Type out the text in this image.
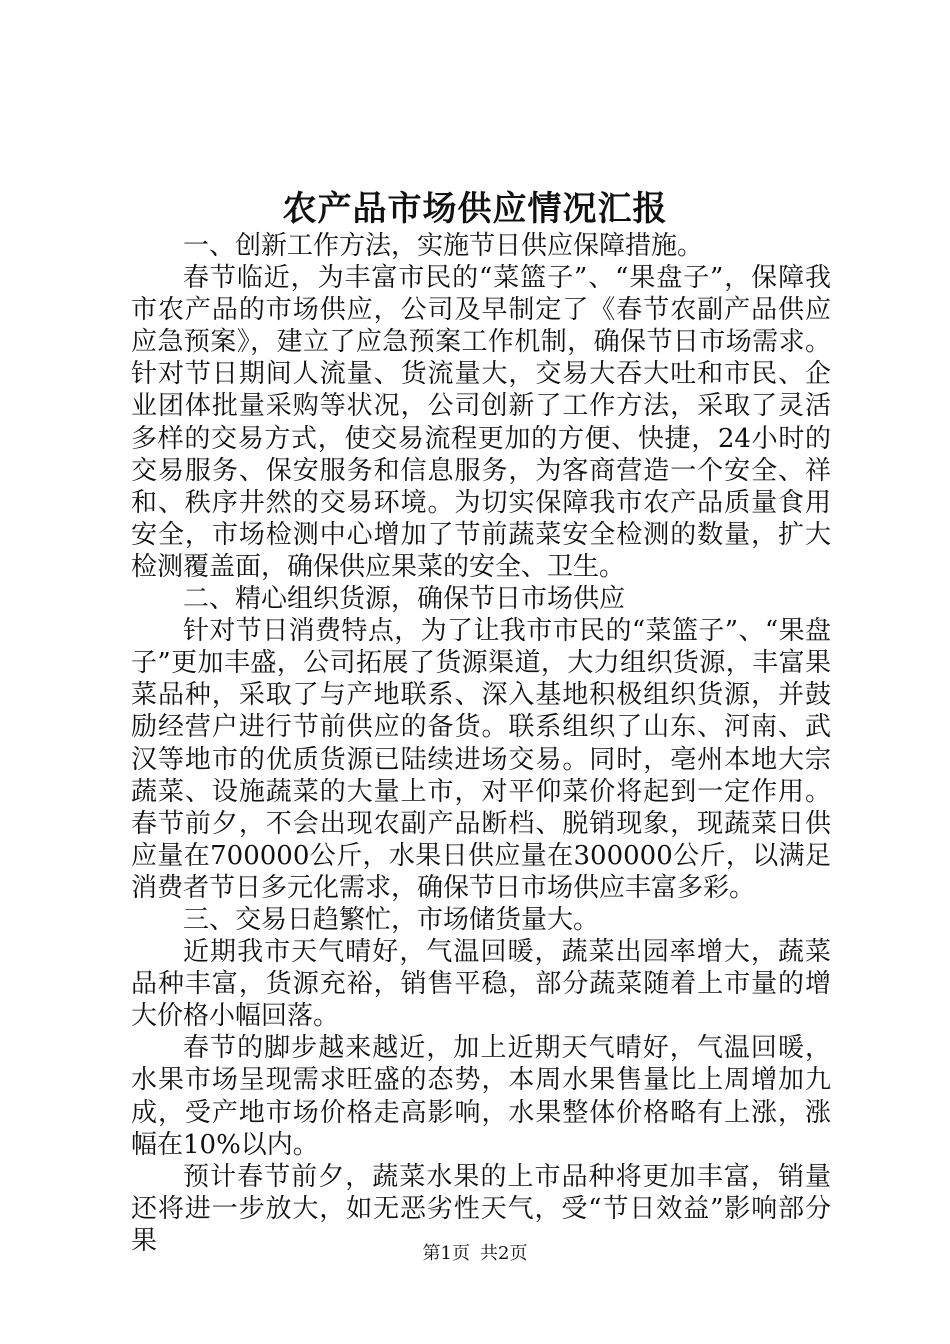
农产品市场供应情况汇报

一、创新工作方法，实施节日供应保障措施。

春节临近，为丰富市民的“菜篮子”、“果盘子”，保障我市农产品的市场供应，公司及早制定了《春节农副产品供应应急预案》，建立了应急预案工作机制，确保节日市场需求。针对节日期间人流量、货流量大，交易大吞大吐和市民、企业团体批量采购等状况，公司创新了工作方法，采取了灵活多样的交易方式，使交易流程更加的方便、快捷，24小时的交易服务、保安服务和信息服务，为客商营造一个安全、祥和、秩序井然的交易环境。为切实保障我市农产品质量食用安全，市场检测中心增加了节前蔬菜安全检测的数量，扩大检测覆盖面，确保供应果菜的安全、卫生。

二、精心组织货源，确保节日市场供应

针对节日消费特点，为了让我市市民的“菜篮子”、“果盘子”更加丰盛，公司拓展了货源渠道，大力组织货源，丰富果菜品种，采取了与产地联系、深入基地积极组织货源，并鼓励经营户进行节前供应的备货。联系组织了山东、河南、武汉等地市的优质货源已陆续进场交易。同时，亳州本地大宗蔬菜、设施蔬菜的大量上市，对平仰菜价将起到一定作用。春节前夕，不会出现农副产品断档、脱销现象，现蔬菜日供应量在700000公斤，水果日供应量在300000公斤，以满足消费者节日多元化需求，确保节日市场供应丰富多彩。

三、交易日趋繁忙，市场储货量大。

近期我市天气晴好，气温回暖，蔬菜出园率增大，蔬菜品种丰富，货源充裕，销售平稳，部分蔬菜随着上市量的增大价格小幅回落。

春节的脚步越来越近，加上近期天气晴好，气温回暖，水果市场呈现需求旺盛的态势，本周水果售量比上周增加九成，受产地市场价格走高影响，水果整体价格略有上涨，涨幅在10%以内。

预计春节前夕，蔬菜水果的上市品种将更加丰富，销量还将进一步放大，如无恶劣性天气，受“节日效益”影响部分果	第1页 共2页
